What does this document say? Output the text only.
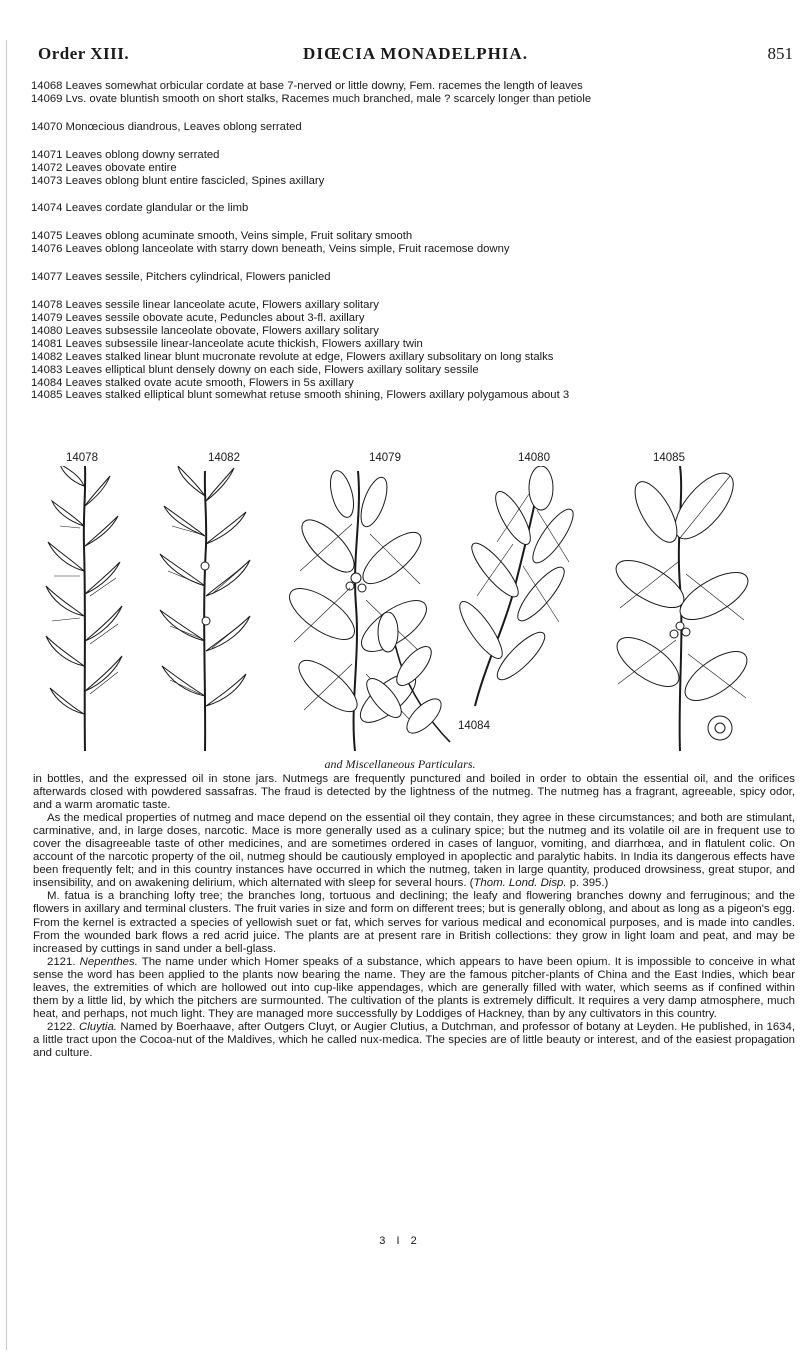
Order XIII.	DIŒCIA MONADELPHIA.	851
14068 Leaves somewhat orbicular cordate at base 7-nerved or little downy, Fem. racemes the length of leaves
14069 Lvs. ovate bluntish smooth on short stalks, Racemes much branched, male ? scarcely longer than petiole
14070 Monœcious diandrous, Leaves oblong serrated
14071 Leaves oblong downy serrated
14072 Leaves obovate entire
14073 Leaves oblong blunt entire fascicled, Spines axillary
14074 Leaves cordate glandular or the limb
14075 Leaves oblong acuminate smooth, Veins simple, Fruit solitary smooth
14076 Leaves oblong lanceolate with starry down beneath, Veins simple, Fruit racemose downy
14077 Leaves sessile, Pitchers cylindrical, Flowers panicled
14078 Leaves sessile linear lanceolate acute, Flowers axillary solitary
14079 Leaves sessile obovate acute, Peduncles about 3-fl. axillary
14080 Leaves subsessile lanceolate obovate, Flowers axillary solitary
14081 Leaves subsessile linear-lanceolate acute thickish, Flowers axillary twin
14082 Leaves stalked linear blunt mucronate revolute at edge, Flowers axillary subsolitary on long stalks
14083 Leaves elliptical blunt densely downy on each side, Flowers axillary solitary sessile
14084 Leaves stalked ovate acute smooth, Flowers in 5s axillary
14085 Leaves stalked elliptical blunt somewhat retuse smooth shining, Flowers axillary polygamous about 3
14078	14082	14079	14080	14085
14084
and Miscellaneous Particulars.

in bottles, and the expressed oil in stone jars. Nutmegs are frequently punctured and boiled in order to obtain the essential oil, and the orifices afterwards closed with powdered sassafras. The fraud is detected by the lightness of the nutmeg. The nutmeg has a fragrant, agreeable, spicy odor, and a warm aromatic taste.

As the medical properties of nutmeg and mace depend on the essential oil they contain, they agree in these circumstances; and both are stimulant, carminative, and, in large doses, narcotic. Mace is more generally used as a culinary spice; but the nutmeg and its volatile oil are in frequent use to cover the disagreeable taste of other medicines, and are sometimes ordered in cases of languor, vomiting, and diarrhœa, and in flatulent colic. On account of the narcotic property of the oil, nutmeg should be cautiously employed in apoplectic and paralytic habits. In India its dangerous effects have been frequently felt; and in this country instances have occurred in which the nutmeg, taken in large quantity, produced drowsiness, great stupor, and insensibility, and on awakening delirium, which alternated with sleep for several hours. (Thom. Lond. Disp. p. 395.)

M. fatua is a branching lofty tree; the branches long, tortuous and declining; the leafy and flowering branches downy and ferruginous; and the flowers in axillary and terminal clusters. The fruit varies in size and form on different trees; but is generally oblong, and about as long as a pigeon's egg. From the kernel is extracted a species of yellowish suet or fat, which serves for various medical and economical purposes, and is made into candles. From the wounded bark flows a red acrid juice. The plants are at present rare in British collections: they grow in light loam and peat, and may be increased by cuttings in sand under a bell-glass.

2121. Nepenthes. The name under which Homer speaks of a substance, which appears to have been opium. It is impossible to conceive in what sense the word has been applied to the plants now bearing the name. They are the famous pitcher-plants of China and the East Indies, which bear leaves, the extremities of which are hollowed out into cup-like appendages, which are generally filled with water, which seems as if confined within them by a little lid, by which the pitchers are surmounted. The cultivation of the plants is extremely difficult. It requires a very damp atmosphere, much heat, and perhaps, not much light. They are managed more successfully by Loddiges of Hackney, than by any cultivators in this country.

2122. Cluytia. Named by Boerhaave, after Outgers Cluyt, or Augier Clutius, a Dutchman, and professor of botany at Leyden. He published, in 1634, a little tract upon the Cocoa-nut of the Maldives, which he called nux-medica. The species are of little beauty or interest, and of the easiest propagation and culture.

3 I 2
